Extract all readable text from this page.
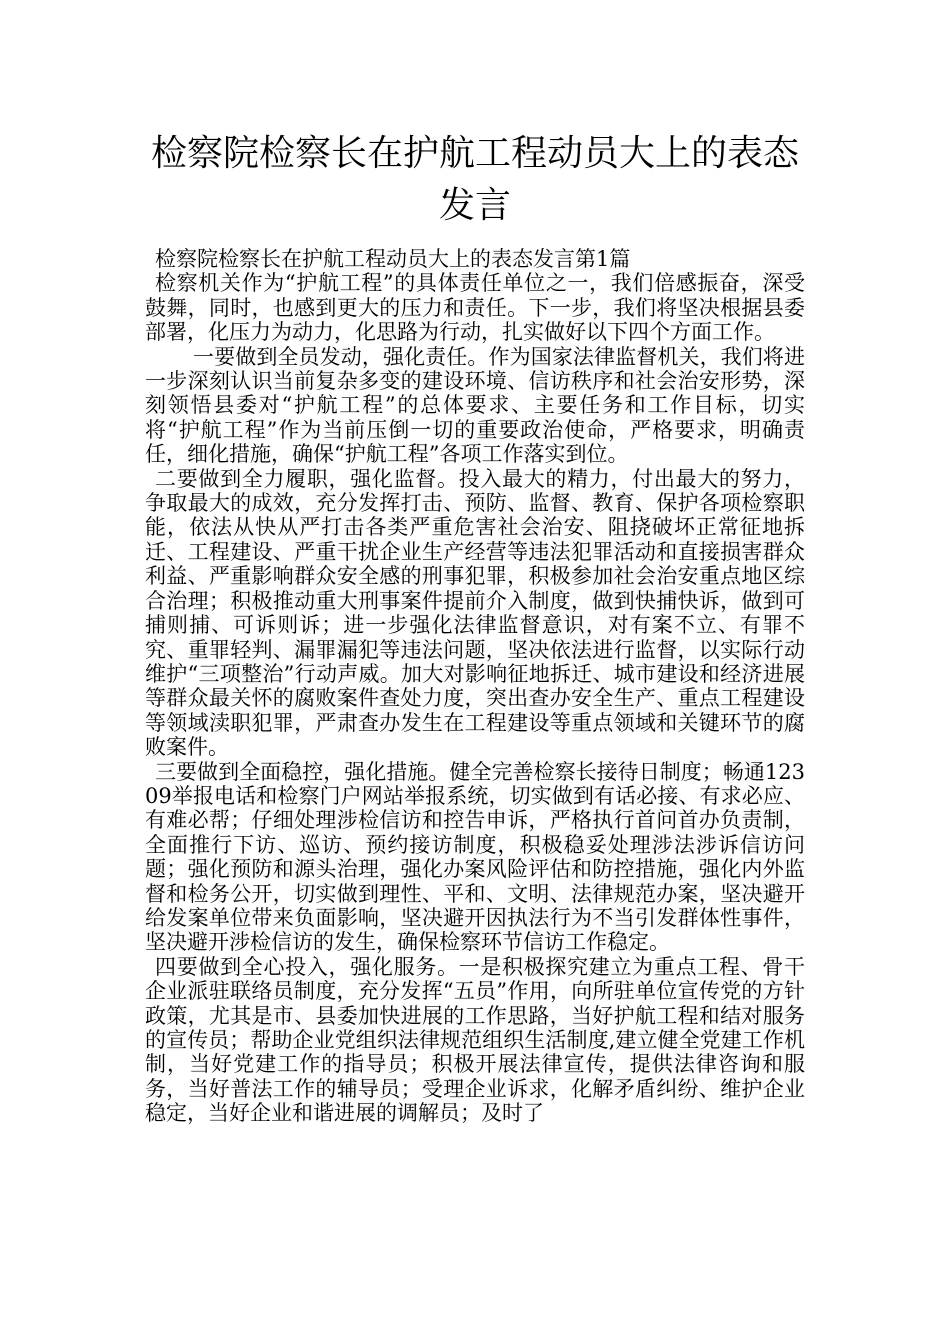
检察院检察长在护航工程动员大上的表态发言

检察院检察长在护航工程动员大上的表态发言第1篇

检察机关作为“护航工程”的具体责任单位之一，我们倍感振奋，深受鼓舞，同时，也感到更大的压力和责任。下一步，我们将坚决根据县委部署，化压力为动力，化思路为行动，扎实做好以下四个方面工作。

一要做到全员发动，强化责任。作为国家法律监督机关，我们将进一步深刻认识当前复杂多变的建设环境、信访秩序和社会治安形势，深刻领悟县委对“护航工程”的总体要求、主要任务和工作目标，切实将“护航工程”作为当前压倒一切的重要政治使命，严格要求，明确责任，细化措施，确保“护航工程”各项工作落实到位。

二要做到全力履职，强化监督。投入最大的精力，付出最大的努力，争取最大的成效，充分发挥打击、预防、监督、教育、保护各项检察职能，依法从快从严打击各类严重危害社会治安、阻挠破坏正常征地拆迁、工程建设、严重干扰企业生产经营等违法犯罪活动和直接损害群众利益、严重影响群众安全感的刑事犯罪，积极参加社会治安重点地区综合治理；积极推动重大刑事案件提前介入制度，做到快捕快诉，做到可捕则捕、可诉则诉；进一步强化法律监督意识，对有案不立、有罪不究、重罪轻判、漏罪漏犯等违法问题，坚决依法进行监督，以实际行动维护“三项整治”行动声威。加大对影响征地拆迁、城市建设和经济进展等群众最关怀的腐败案件查处力度，突出查办安全生产、重点工程建设等领域渎职犯罪，严肃查办发生在工程建设等重点领域和关键环节的腐败案件。

三要做到全面稳控，强化措施。健全完善检察长接待日制度；畅通12309举报电话和检察门户网站举报系统，切实做到有话必接、有求必应、有难必帮；仔细处理涉检信访和控告申诉，严格执行首问首办负责制，全面推行下访、巡访、预约接访制度，积极稳妥处理涉法涉诉信访问题；强化预防和源头治理，强化办案风险评估和防控措施，强化内外监督和检务公开，切实做到理性、平和、文明、法律规范办案，坚决避开给发案单位带来负面影响，坚决避开因执法行为不当引发群体性事件，坚决避开涉检信访的发生，确保检察环节信访工作稳定。

四要做到全心投入，强化服务。一是积极探究建立为重点工程、骨干企业派驻联络员制度，充分发挥“五员”作用，向所驻单位宣传党的方针政策，尤其是市、县委加快进展的工作思路，当好护航工程和结对服务的宣传员；帮助企业党组织法律规范组织生活制度,建立健全党建工作机制，当好党建工作的指导员；积极开展法律宣传，提供法律咨询和服务，当好普法工作的辅导员；受理企业诉求，化解矛盾纠纷、维护企业稳定，当好企业和谐进展的调解员；及时了
